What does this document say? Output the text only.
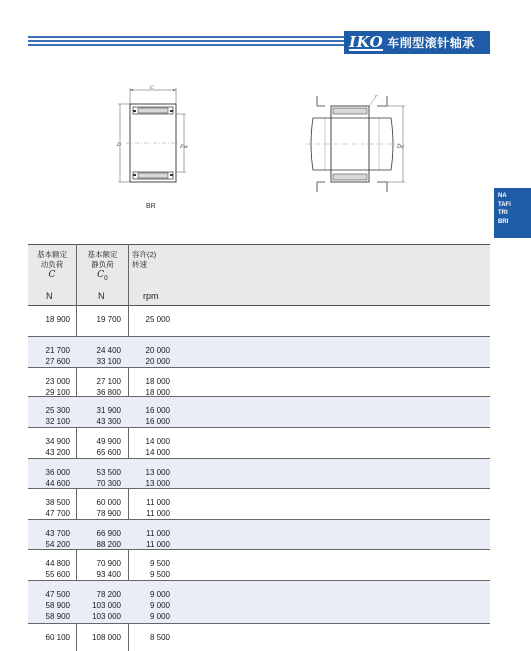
IKO 车削型滚针轴承
NA
TAFI
TRI
BRI
C
D	Fw
BR
r
Da
基本额定
动负荷
C
N
基本额定
静负荷
$C_0$
N
容许(2)
转速
rpm
18 900	19 700	25 000
21 700	24 400	20 000
27 600	33 100	20 000
23 000	27 100	18 000
29 100	36 800	18 000
25 300	31 900	16 000
32 100	43 300	16 000
34 900	49 900	14 000
43 200	65 600	14 000
36 000	53 500	13 000
44 600	70 300	13 000
38 500	60 000	11 000
47 700	78 900	11 000
43 700	66 900	11 000
54 200	88 200	11 000
44 800	70 900	9 500
55 600	93 400	9 500
47 500	78 200	9 000
58 900	103 000	9 000
58 900	103 000	9 000
60 100	108 000	8 500
